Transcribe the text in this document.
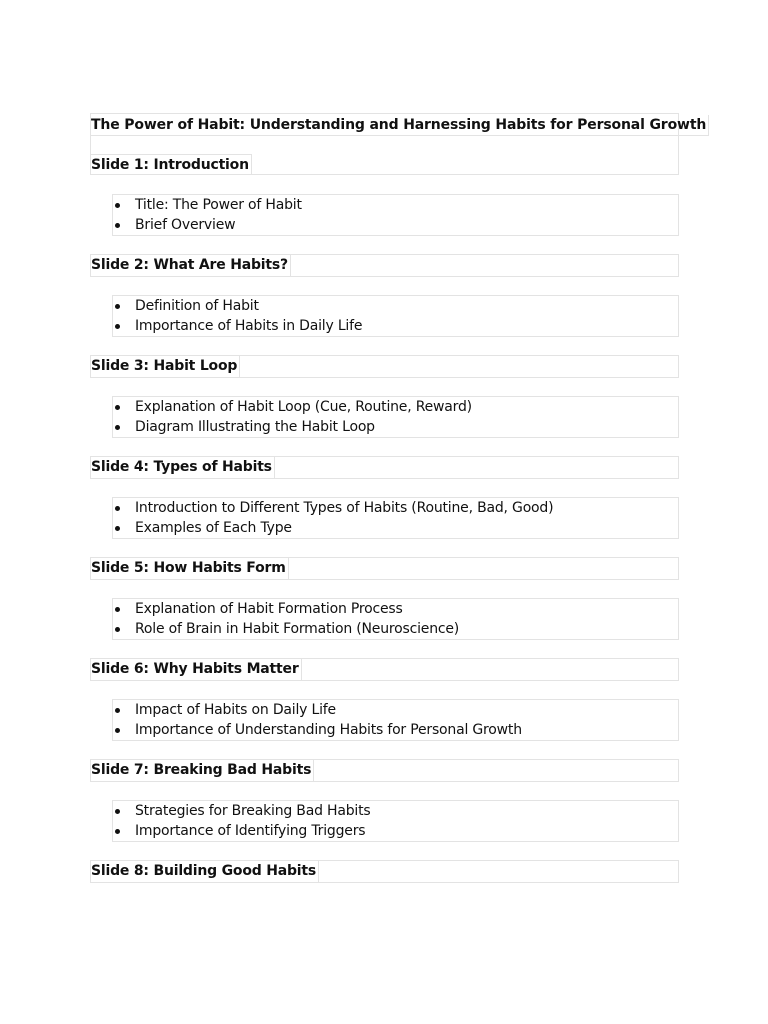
The Power of Habit: Understanding and Harnessing Habits for Personal Growth
Slide 1: Introduction
Title: The Power of Habit
Brief Overview
Slide 2: What Are Habits?
Definition of Habit
Importance of Habits in Daily Life
Slide 3: Habit Loop
Explanation of Habit Loop (Cue, Routine, Reward)
Diagram Illustrating the Habit Loop
Slide 4: Types of Habits
Introduction to Different Types of Habits (Routine, Bad, Good)
Examples of Each Type
Slide 5: How Habits Form
Explanation of Habit Formation Process
Role of Brain in Habit Formation (Neuroscience)
Slide 6: Why Habits Matter
Impact of Habits on Daily Life
Importance of Understanding Habits for Personal Growth
Slide 7: Breaking Bad Habits
Strategies for Breaking Bad Habits
Importance of Identifying Triggers
Slide 8: Building Good Habits
